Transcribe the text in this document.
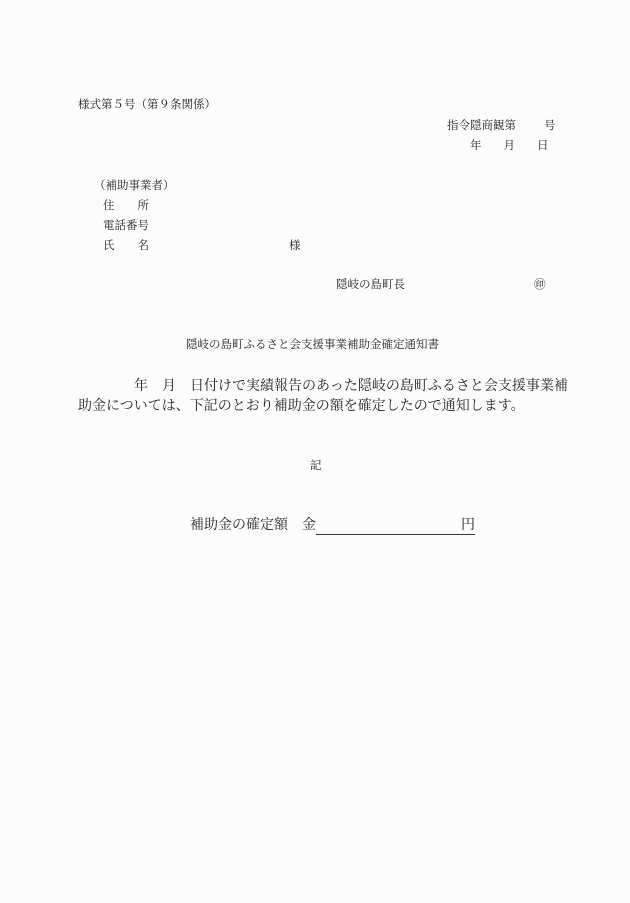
様式第５号（第９条関係）
指令隠商観第 号
年 月 日
（補助事業者）
住　　所
電話番号
氏　　名	様
隠岐の島町長	㊞
隠岐の島町ふるさと会支援事業補助金確定通知書
　年　月　日付けで実績報告のあった隠岐の島町ふるさと会支援事業補
助金については、下記のとおり補助金の額を確定したので通知します。
記
補助金の確定額 金	円
